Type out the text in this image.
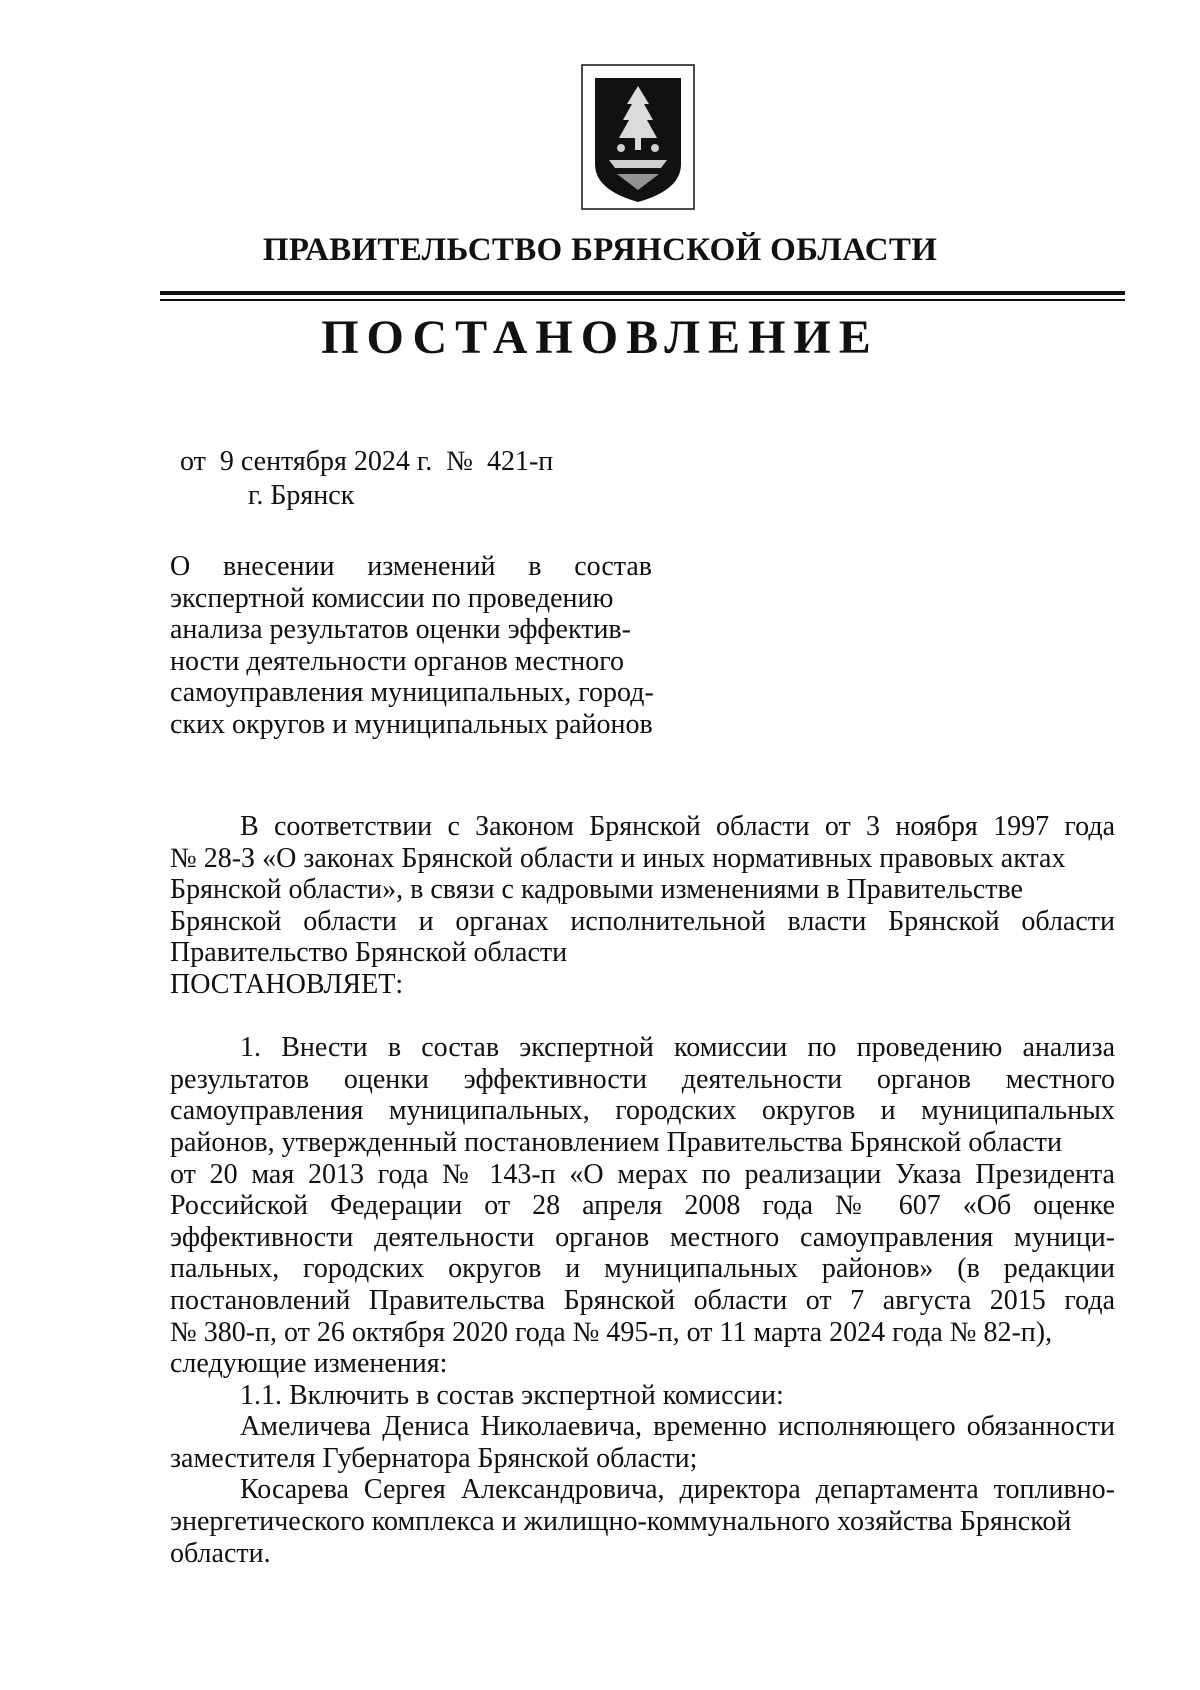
ПРАВИТЕЛЬСТВО БРЯНСКОЙ ОБЛАСТИ
ПОСТАНОВЛЕНИЕ
от  9 сентября 2024 г.  №  421-п
г. Брянск
О внесении изменений в состав
экспертной комиссии по проведению
анализа результатов оценки эффектив-
ности деятельности органов местного
самоуправления муниципальных, город-
ских округов и муниципальных районов
В соответствии с Законом Брянской области от 3 ноября 1997 года
№ 28-З «О законах Брянской области и иных нормативных правовых актах
Брянской области», в связи с кадровыми изменениями в Правительстве
Брянской области и органах исполнительной власти Брянской области
Правительство Брянской области
ПОСТАНОВЛЯЕТ:
1. Внести в состав экспертной комиссии по проведению анализа
результатов оценки эффективности деятельности органов местного
самоуправления муниципальных, городских округов и муниципальных
районов, утвержденный постановлением Правительства Брянской области
от 20 мая 2013 года № 143-п «О мерах по реализации Указа Президента
Российской Федерации от 28 апреля 2008 года № 607 «Об оценке
эффективности деятельности органов местного самоуправления муници-
пальных, городских округов и муниципальных районов» (в редакции
постановлений Правительства Брянской области от 7 августа 2015 года
№ 380-п, от 26 октября 2020 года № 495-п, от 11 марта 2024 года № 82-п),
следующие изменения:
1.1. Включить в состав экспертной комиссии:
Амеличева Дениса Николаевича, временно исполняющего обязанности
заместителя Губернатора Брянской области;
Косарева Сергея Александровича, директора департамента топливно-
энергетического комплекса и жилищно-коммунального хозяйства Брянской
области.
